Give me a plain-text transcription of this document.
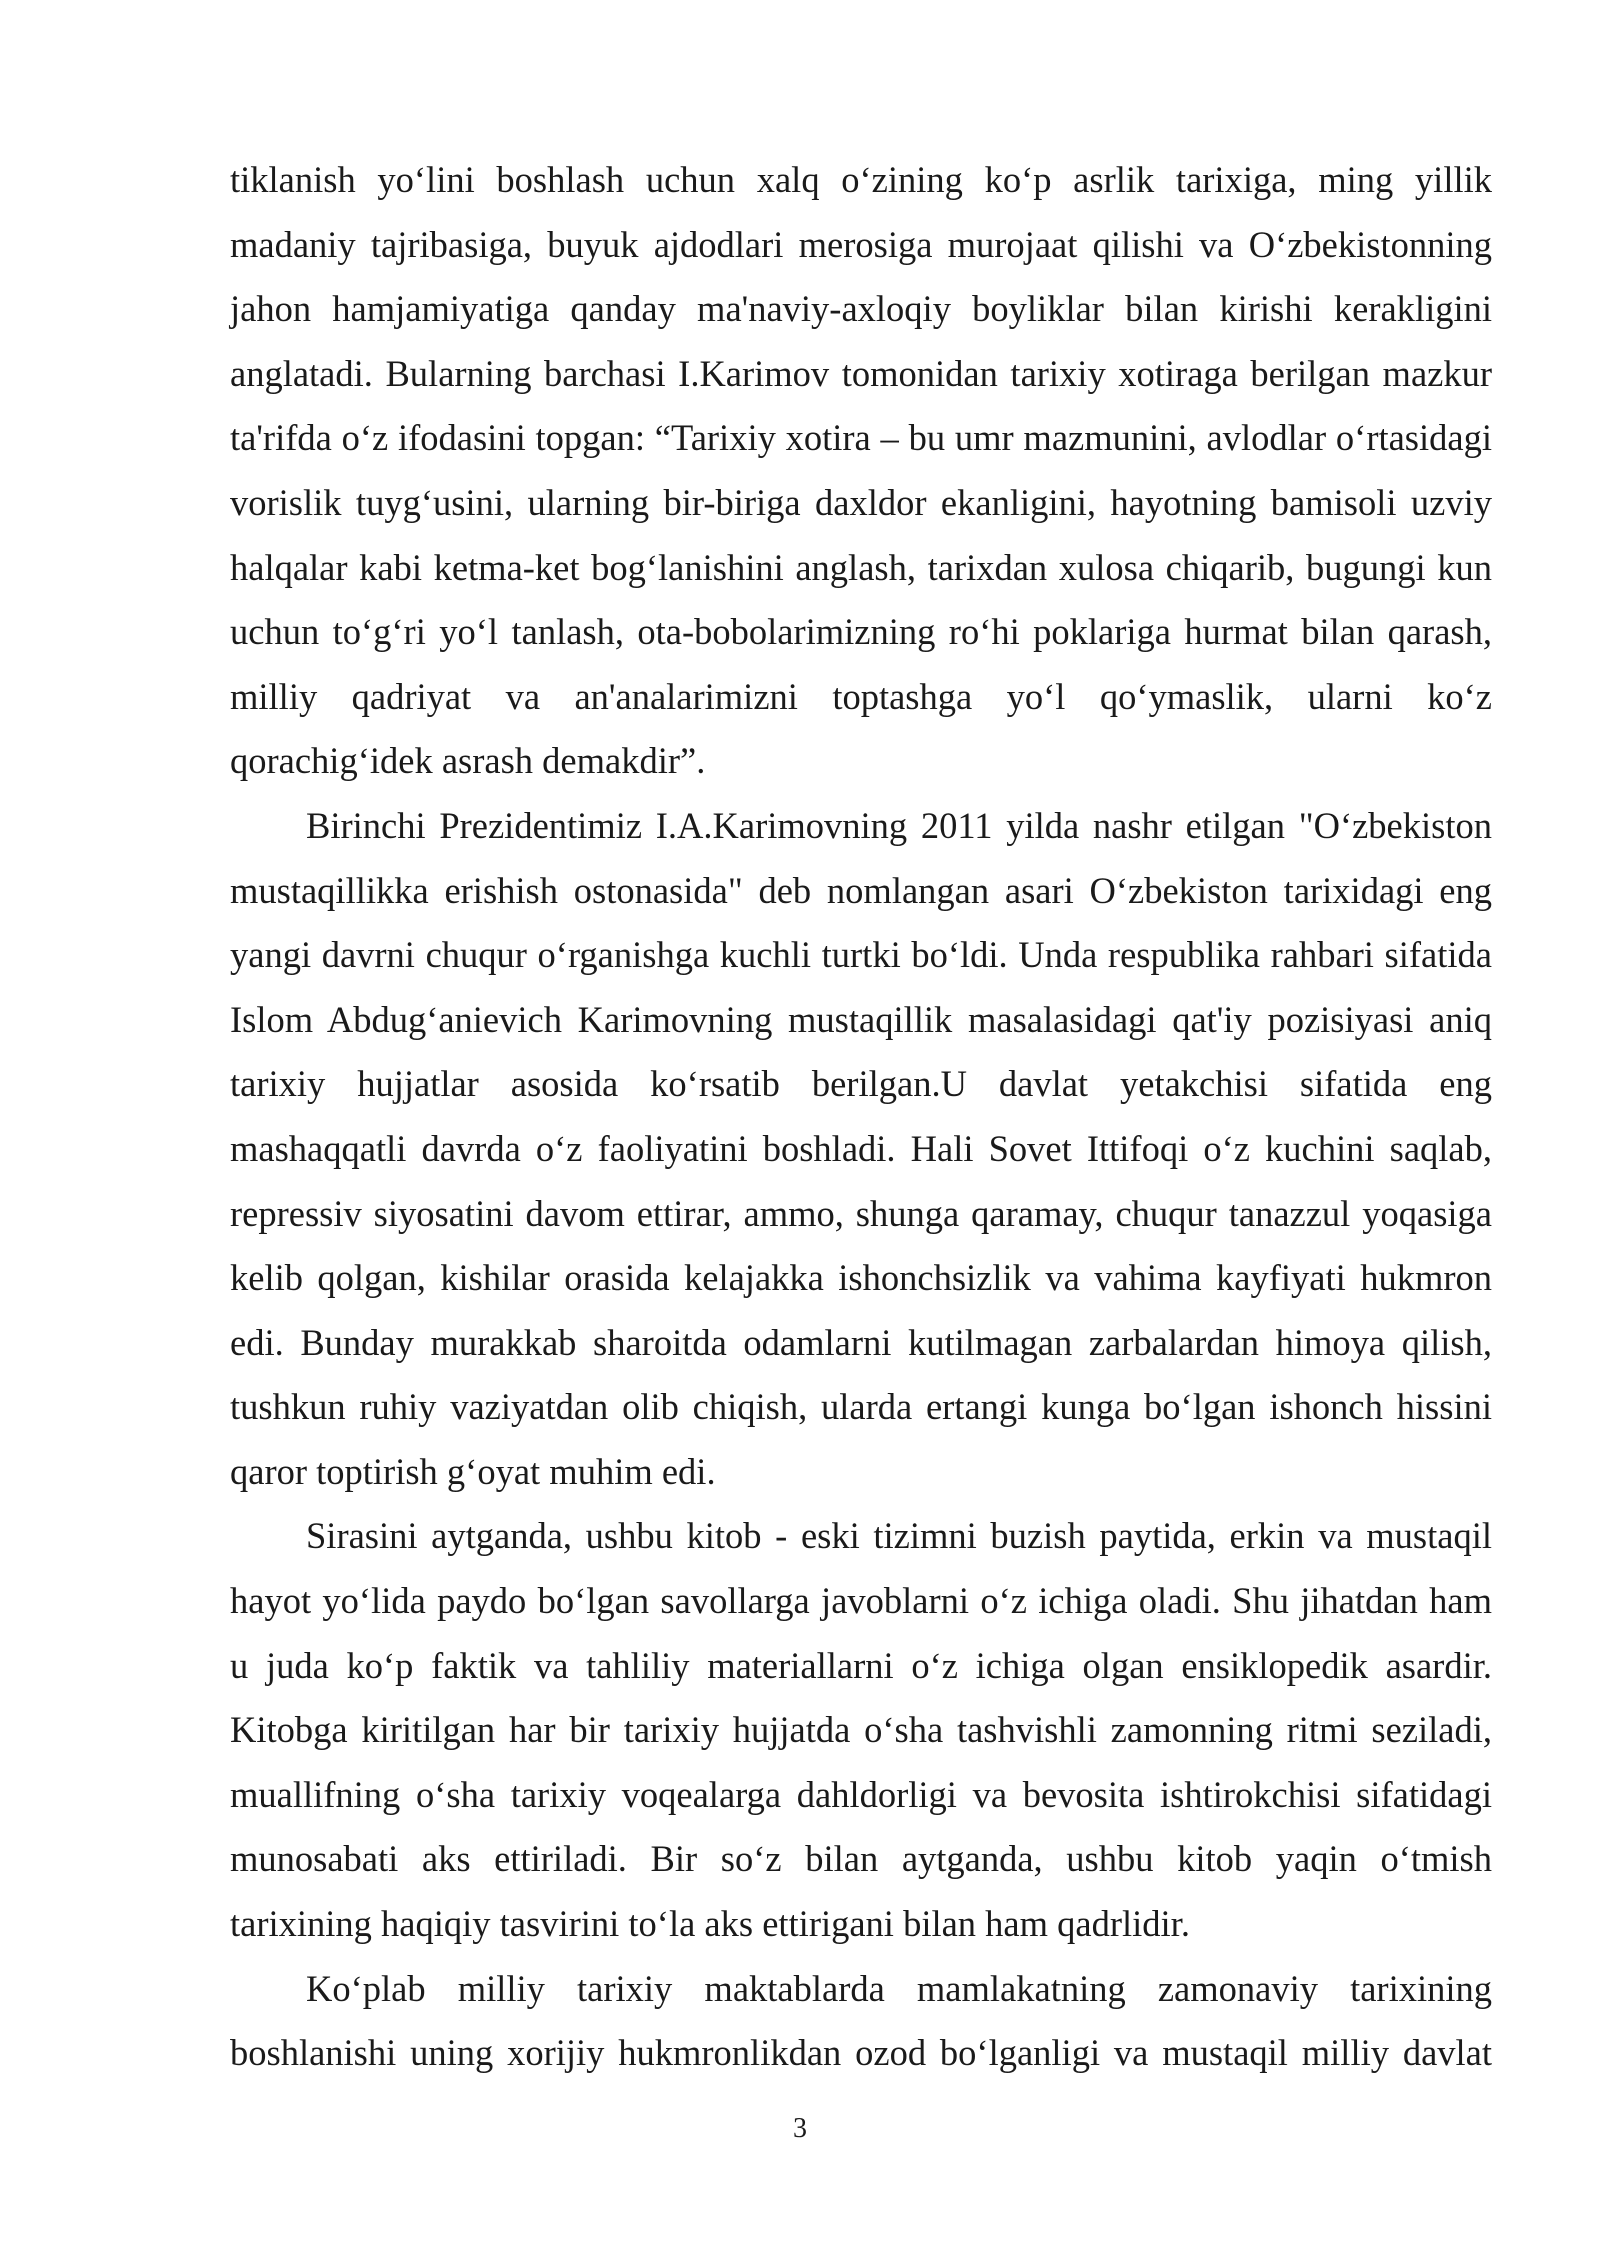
tiklanish yo‘lini boshlash uchun xalq o‘zining ko‘p asrlik tarixiga, ming yillik madaniy tajribasiga, buyuk ajdodlari merosiga murojaat qilishi va O‘zbekistonning jahon hamjamiyatiga qanday ma'naviy-axloqiy boyliklar bilan kirishi kerakligini anglatadi. Bularning barchasi I.Karimov tomonidan tarixiy xotiraga berilgan mazkur ta'rifda o‘z ifodasini topgan: “Tarixiy xotira – bu umr mazmunini, avlodlar o‘rtasidagi vorislik tuyg‘usini, ularning bir-biriga daxldor ekanligini, hayotning bamisoli uzviy halqalar kabi ketma-ket bog‘lanishini anglash, tarixdan xulosa chiqarib, bugungi kun uchun to‘g‘ri yo‘l tanlash, ota-bobolarimizning ro‘hi poklariga hurmat bilan qarash, milliy qadriyat va an'analarimizni toptashga yo‘l qo‘ymaslik, ularni ko‘z qorachig‘idek asrash demakdir”.

Birinchi Prezidentimiz I.A.Karimovning 2011 yilda nashr etilgan "O‘zbekiston mustaqillikka erishish ostonasida" deb nomlangan asari O‘zbekiston tarixidagi eng yangi davrni chuqur o‘rganishga kuchli turtki bo‘ldi. Unda respublika rahbari sifatida Islom Abdug‘anievich Karimovning mustaqillik masalasidagi qat'iy pozisiyasi aniq tarixiy hujjatlar asosida ko‘rsatib berilgan.U davlat yetakchisi sifatida eng mashaqqatli davrda o‘z faoliyatini boshladi. Hali Sovet Ittifoqi o‘z kuchini saqlab, repressiv siyosatini davom ettirar, ammo, shunga qaramay, chuqur tanazzul yoqasiga kelib qolgan, kishilar orasida kelajakka ishonchsizlik va vahima kayfiyati hukmron edi. Bunday murakkab sharoitda odamlarni kutilmagan zarbalardan himoya qilish, tushkun ruhiy vaziyatdan olib chiqish, ularda ertangi kunga bo‘lgan ishonch hissini qaror toptirish g‘oyat muhim edi.

Sirasini aytganda, ushbu kitob - eski tizimni buzish paytida, erkin va mustaqil hayot yo‘lida paydo bo‘lgan savollarga javoblarni o‘z ichiga oladi. Shu jihatdan ham u juda ko‘p faktik va tahliliy materiallarni o‘z ichiga olgan ensiklopedik asardir. Kitobga kiritilgan har bir tarixiy hujjatda o‘sha tashvishli zamonning ritmi seziladi, muallifning o‘sha tarixiy voqealarga dahldorligi va bevosita ishtirokchisi sifatidagi munosabati aks ettiriladi. Bir so‘z bilan aytganda, ushbu kitob yaqin o‘tmish tarixining haqiqiy tasvirini to‘la aks ettirigani bilan ham qadrlidir.

Ko‘plab milliy tarixiy maktablarda mamlakatning zamonaviy tarixining boshlanishi uning xorijiy hukmronlikdan ozod bo‘lganligi va mustaqil milliy davlat

3
